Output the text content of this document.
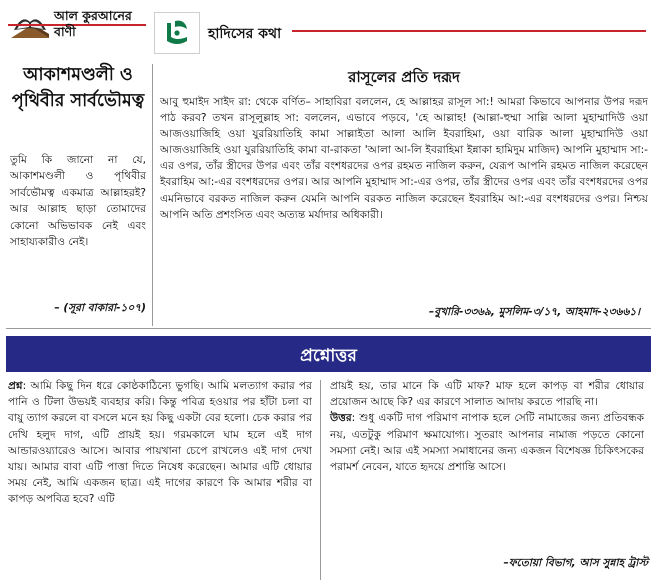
আল কুরআনের বাণী	হাদিসের কথা
আকাশমণ্ডলী ও পৃথিবীর সার্বভৌমত্ব

তুমি কি জানো না যে, আকাশমণ্ডলী ও পৃথিবীর সার্বভৌমত্ব একমাত্র আল্লাহরই? আর আল্লাহ ছাড়া তোমাদের কোনো অভিভাবক নেই এবং সাহায্যকারীও নেই।

– (সূরা বাকারা-১০৭)
রাসূলের প্রতি দরূদ

আবু হুমাইদ সাইদ রা: থেকে বর্ণিত– সাহাবিরা বললেন, হে আল্লাহর রাসূল সা:! আমরা কিভাবে আপনার উপর দরূদ পাঠ করব? তখন রাসূলুল্লাহ সা: বললেন, এভাবে পড়বে, 'হে আল্লাহ! (আল্লা-হুম্মা সাল্লি আলা মুহাম্মাদিউ ওয়া আজওয়াজিহি ওয়া যুররিয়াতিহি কামা সাল্লাইতা আলা আলি ইবরাহিমা, ওয়া বারিক আলা মুহাম্মাদিউ ওয়া আজওয়াজিহি ওয়া যুররিয়াতিহি কামা বা-রাকতা 'আলা আ-লি ইবরাহিমা ইন্নাকা হামিদুম মাজিদ) আপনি মুহাম্মাদ সা:-এর ওপর, তাঁর স্ত্রীদের উপর এবং তাঁর বংশধরদের ওপর রহমত নাজিল করুন, যেরূপ আপনি রহমত নাজিল করেছেন ইবরাহিম আ:-এর বংশধরদের ওপর। আর আপনি মুহাম্মাদ সা:-এর ওপর, তাঁর স্ত্রীদের ওপর এবং তাঁর বংশধরদের ওপর এমনিভাবে বরকত নাজিল করুন যেমনি আপনি বরকত নাজিল করেছেন ইবরাহিম আ:-এর বংশধরদের ওপর। নিশ্চয় আপনি অতি প্রশংসিত এবং অত্যন্ত মর্যাদার অধিকারী।

–বুখারি-৩৩৬৯, মুসলিম-৩/১৭, আহমাদ-২৩৬৬১।
প্রশ্নোত্তর

প্রশ্ন: আমি কিছু দিন ধরে কোষ্ঠকাঠিন্যে ভুগছি। আমি মলত্যাগ করার পর পানি ও টিলা উভয়ই ব্যবহার করি। কিন্তু পবিত্র হওয়ার পর হাঁটা চলা বা বায়ু ত্যাগ করলে বা বসলে মনে হয় কিছু একটা বের হলো। চেক করার পর দেখি হলুদ দাগ, এটি প্রায়ই হয়। গরমকালে ঘাম হলে এই দাগ আন্ডারওয়্যারেও আসে। আবার পায়খানা চেপে রাখলেও এই দাগ দেখা যায়। আমার বাবা এটি পাত্তা দিতে নিষেধ করেছেন। আমার এটি ধোয়ার সময় নেই, আমি একজন ছাত্র। এই দাগের কারণে কি আমার শরীর বা কাপড় অপবিত্র হবে? এটি

প্রায়ই হয়, তার মানে কি এটি মাফ? মাফ হলে কাপড় বা শরীর ধোয়ার প্রয়োজন আছে কি? এর কারণে সালাত আদায় করতে পারছি না।

উত্তর: শুধু একটি দাগ পরিমাণ নাপাক হলে সেটি নামাজের জন্য প্রতিবন্ধক নয়, এতটুকু পরিমাণ ক্ষমাযোগ্য। সুতরাং আপনার নামাজ পড়তে কোনো সমস্যা নেই। আর এই সমস্যা সমাধানের জন্য একজন বিশেষজ্ঞ চিকিৎসকের পরামর্শ নেবেন, যাতে হৃদয়ে প্রশান্তি আসে।

–ফতোয়া বিভাগ, আস সুন্নাহ ট্রাস্ট
